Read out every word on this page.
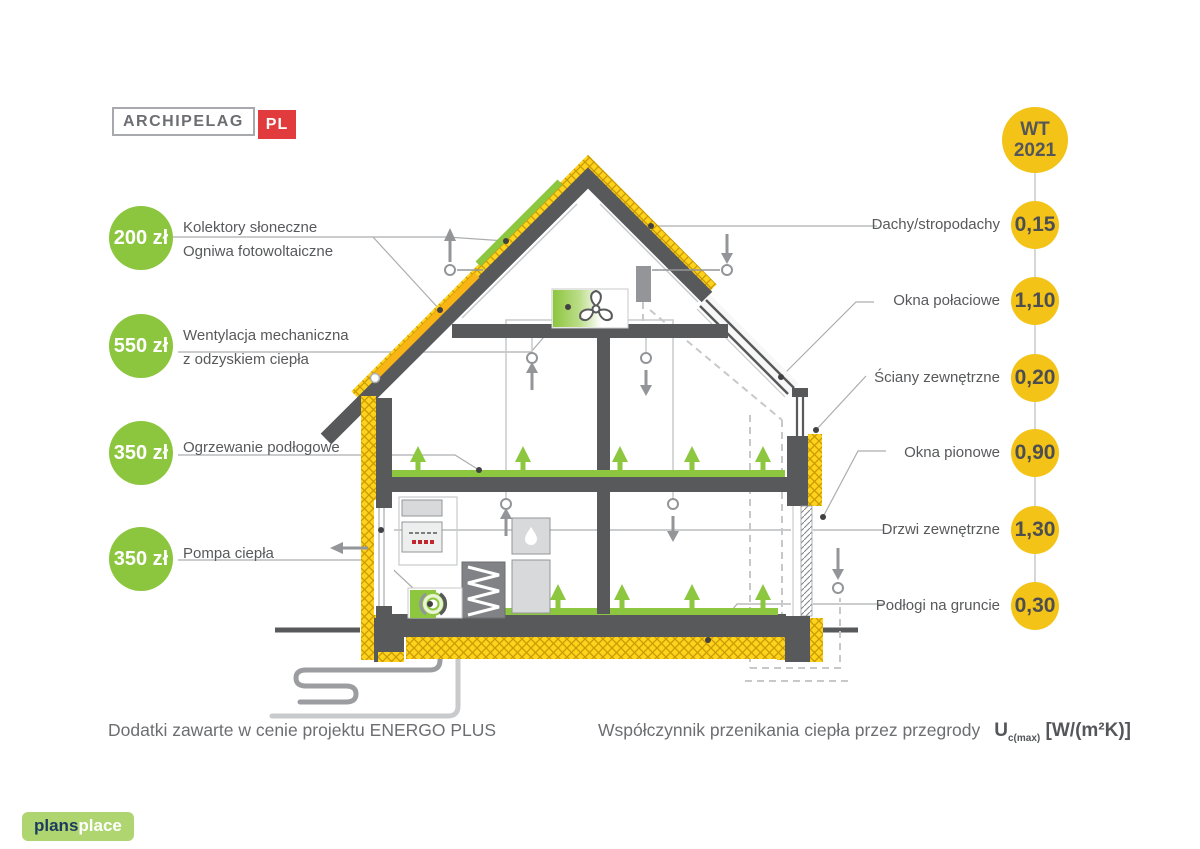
ARCHIPELAG	PL	WT
2021
200 zł Kolektory słoneczne
Ogniwa fotowoltaiczne
550 zł Wentylacja mechaniczna
z odzyskiem ciepła
350 zł Ogrzewanie podłogowe
350 zł Pompa ciepła
Dachy/stropodachy 0,15
Okna połaciowe 1,10
Ściany zewnętrzne 0,20
Okna pionowe 0,90
Drzwi zewnętrzne 1,30
Podłogi na gruncie 0,30
Dodatki zawarte w cenie projektu ENERGO PLUS	Współczynnik przenikania ciepła przez przegrody $U_{c(max)}$ [W/(m²K)]
plansplace
